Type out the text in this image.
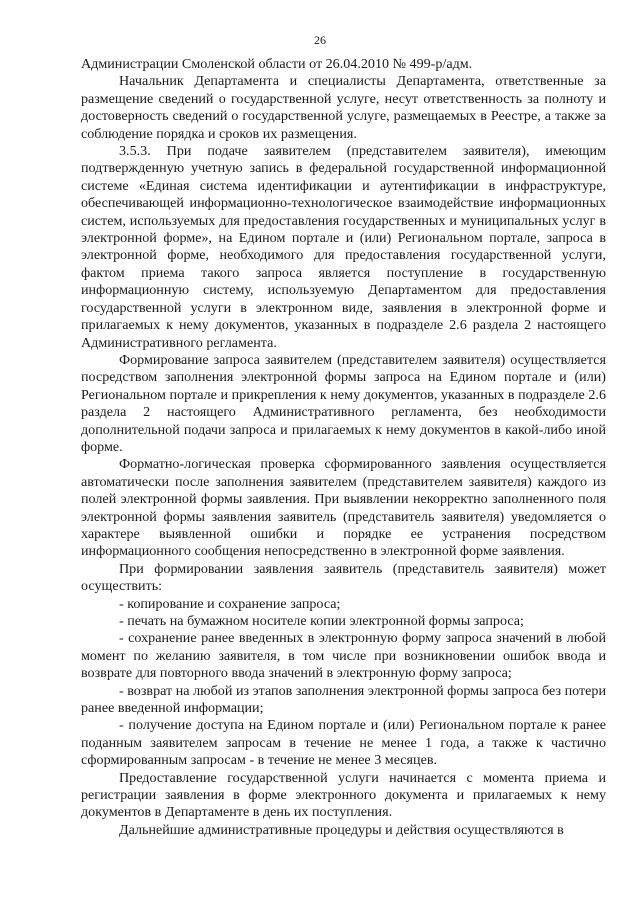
26

Администрации Смоленской области от 26.04.2010 № 499-р/адм.

Начальник Департамента и специалисты Департамента, ответственные за размещение сведений о государственной услуге, несут ответственность за полноту и достоверность сведений о государственной услуге, размещаемых в Реестре, а также за соблюдение порядка и сроков их размещения.

3.5.3. При подаче заявителем (представителем заявителя), имеющим подтвержденную учетную запись в федеральной государственной информационной системе «Единая система идентификации и аутентификации в инфраструктуре, обеспечивающей информационно-технологическое взаимодействие информационных систем, используемых для предоставления государственных и муниципальных услуг в электронной форме», на Едином портале и (или) Региональном портале, запроса в электронной форме, необходимого для предоставления государственной услуги, фактом приема такого запроса является поступление в государственную информационную систему, используемую Департаментом для предоставления государственной услуги в электронном виде, заявления в электронной форме и прилагаемых к нему документов, указанных в подразделе 2.6 раздела 2 настоящего Административного регламента.

Формирование запроса заявителем (представителем заявителя) осуществляется посредством заполнения электронной формы запроса на Едином портале и (или) Региональном портале и прикрепления к нему документов, указанных в подразделе 2.6 раздела 2 настоящего Административного регламента, без необходимости дополнительной подачи запроса и прилагаемых к нему документов в какой-либо иной форме.

Форматно-логическая проверка сформированного заявления осуществляется автоматически после заполнения заявителем (представителем заявителя) каждого из полей электронной формы заявления. При выявлении некорректно заполненного поля электронной формы заявления заявитель (представитель заявителя) уведомляется о характере выявленной ошибки и порядке ее устранения посредством информационного сообщения непосредственно в электронной форме заявления.

При формировании заявления заявитель (представитель заявителя) может осуществить:

- копирование и сохранение запроса;

- печать на бумажном носителе копии электронной формы запроса;

- сохранение ранее введенных в электронную форму запроса значений в любой момент по желанию заявителя, в том числе при возникновении ошибок ввода и возврате для повторного ввода значений в электронную форму запроса;

- возврат на любой из этапов заполнения электронной формы запроса без потери ранее введенной информации;

- получение доступа на Едином портале и (или) Региональном портале к ранее поданным заявителем запросам в течение не менее 1 года, а также к частично сформированным запросам - в течение не менее 3 месяцев.

Предоставление государственной услуги начинается с момента приема и регистрации заявления в форме электронного документа и прилагаемых к нему документов в Департаменте в день их поступления.

Дальнейшие административные процедуры и действия осуществляются в
